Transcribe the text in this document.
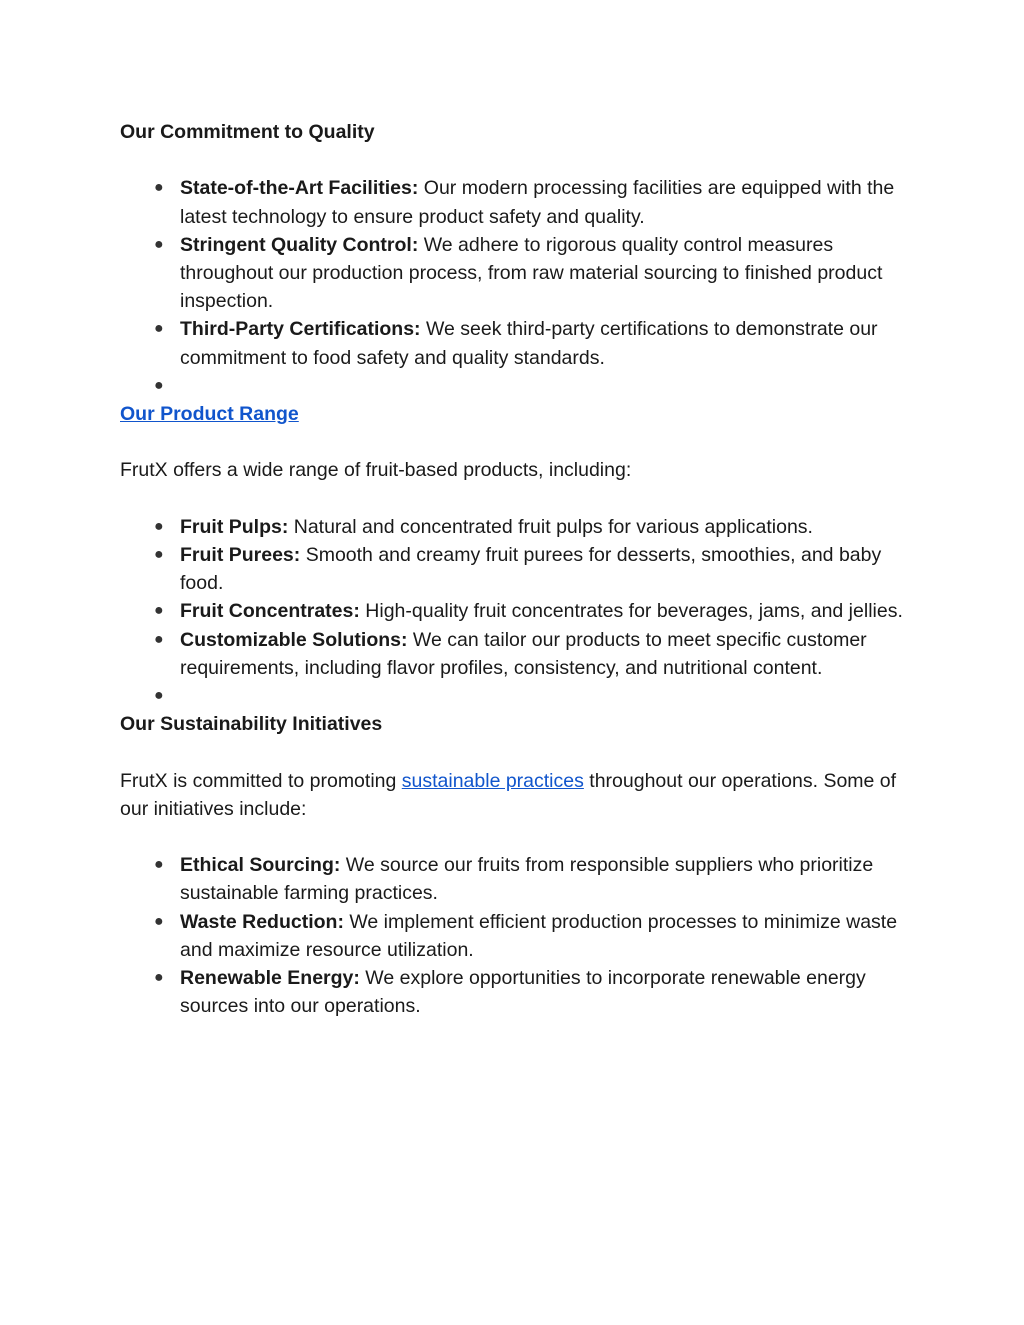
Our Commitment to Quality

● State-of-the-Art Facilities: Our modern processing facilities are equipped with the latest technology to ensure product safety and quality.
● Stringent Quality Control: We adhere to rigorous quality control measures throughout our production process, from raw material sourcing to finished product inspection.
● Third-Party Certifications: We seek third-party certifications to demonstrate our commitment to food safety and quality standards.
●

Our Product Range

FrutX offers a wide range of fruit-based products, including:

● Fruit Pulps: Natural and concentrated fruit pulps for various applications.
● Fruit Purees: Smooth and creamy fruit purees for desserts, smoothies, and baby food.
● Fruit Concentrates: High-quality fruit concentrates for beverages, jams, and jellies.
● Customizable Solutions: We can tailor our products to meet specific customer requirements, including flavor profiles, consistency, and nutritional content.
●

Our Sustainability Initiatives

FrutX is committed to promoting sustainable practices throughout our operations. Some of our initiatives include:

● Ethical Sourcing: We source our fruits from responsible suppliers who prioritize sustainable farming practices.
● Waste Reduction: We implement efficient production processes to minimize waste and maximize resource utilization.
● Renewable Energy: We explore opportunities to incorporate renewable energy sources into our operations.
